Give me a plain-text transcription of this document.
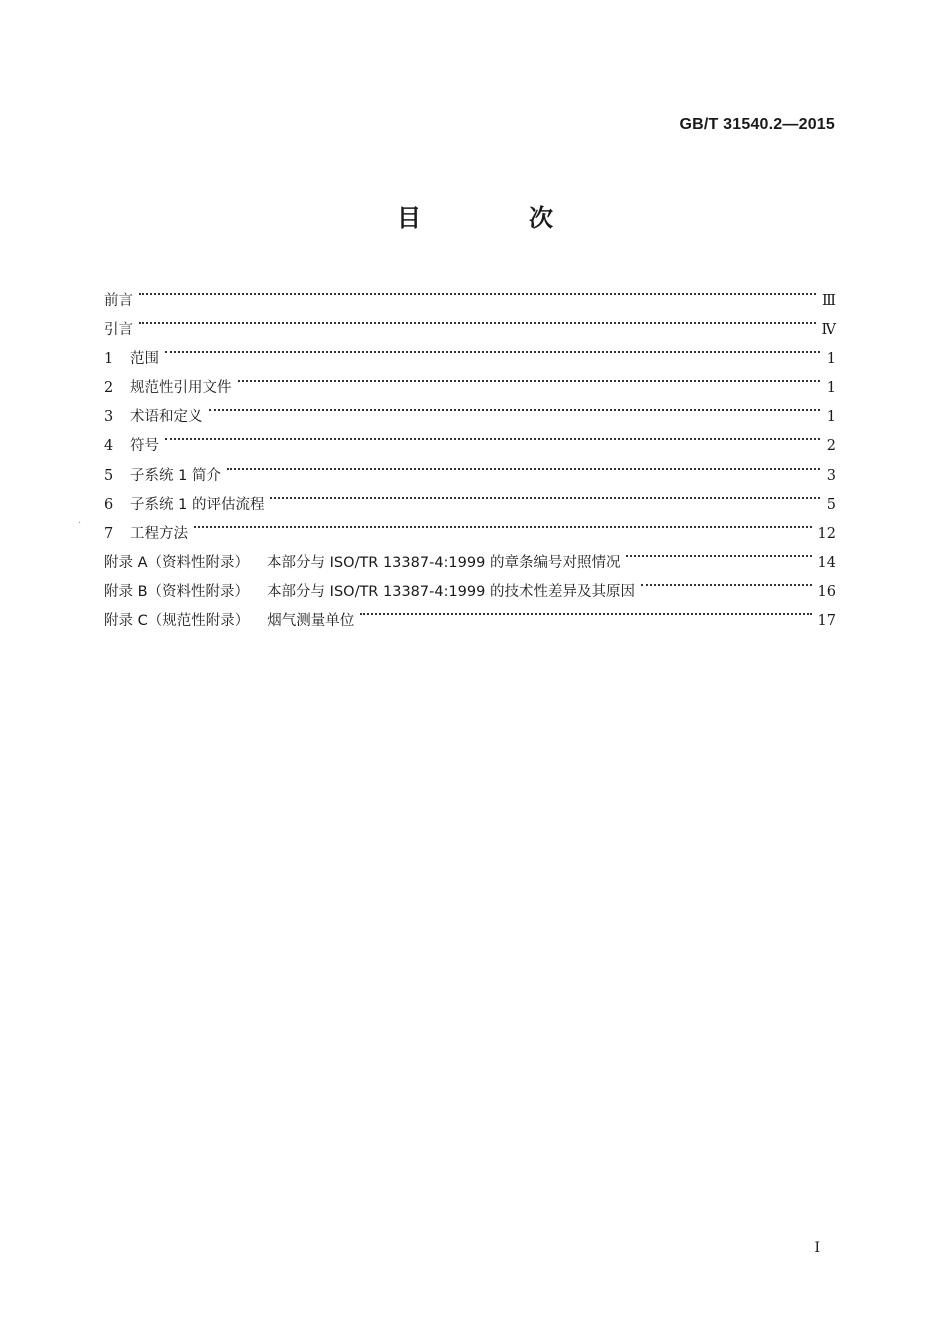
GB/T 31540.2—2015
目　次
·
前言	Ⅲ
引言	Ⅳ
1	范围	1
2	规范性引用文件	1
3	术语和定义	1
4	符号	2
5	子系统 1 简介	3
6	子系统 1 的评估流程	5
7	工程方法	12
附录 A（资料性附录） 本部分与 ISO/TR 13387-4:1999 的章条编号对照情况	14
附录 B（资料性附录） 本部分与 ISO/TR 13387-4:1999 的技术性差异及其原因	16
附录 C（规范性附录） 烟气测量单位	17
I
